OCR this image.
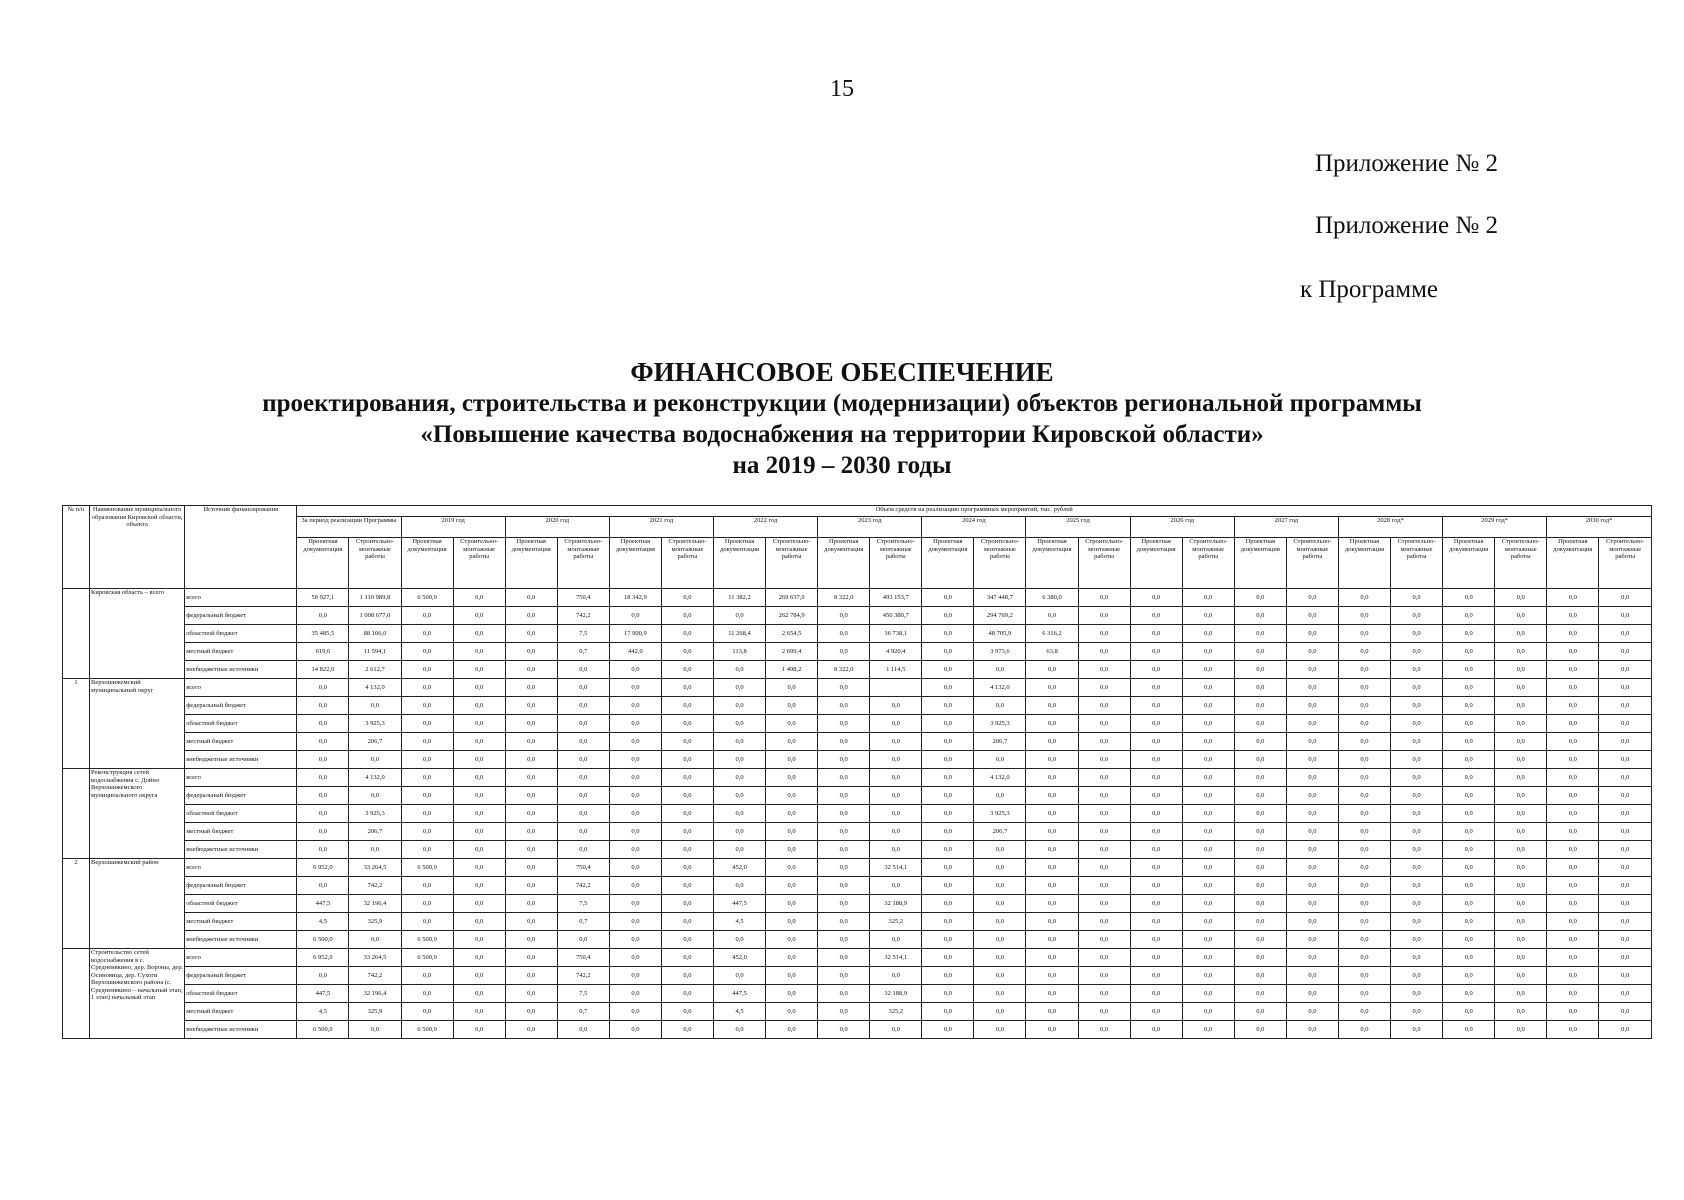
15
Приложение № 2
Приложение № 2
к Программе
ФИНАНСОВОЕ ОБЕСПЕЧЕНИЕ
проектирования, строительства и реконструкции (модернизации) объектов региональной программы
«Повышение качества водоснабжения на территории Кировской области»
на 2019 – 2030 годы
№ п/п	Наименование муниципального образования Кировской области, объекта	Источник финансирования	Объем средств на реализацию программных мероприятий, тыс. рублей																									
			За период реализации Программы		2019 год		2020 год		2021 год		2022 год		2023 год		2024 год		2025 год		2026 год		2027 год		2028 год*		2029 год*		2030 год*	
			Проектная документация	Строительно-монтажные работы	Проектная документация	Строительно-монтажные работы	Проектная документация	Строительно-монтажные работы	Проектная документация	Строительно-монтажные работы	Проектная документация	Строительно-монтажные работы	Проектная документация	Строительно-монтажные работы	Проектная документация	Строительно-монтажные работы	Проектная документация	Строительно-монтажные работы	Проектная документация	Строительно-монтажные работы	Проектная документация	Строительно-монтажные работы	Проектная документация	Строительно-монтажные работы	Проектная документация	Строительно-монтажные работы	Проектная документация	Строительно-монтажные работы
	Кировская область – всего	всего	50 927,1	1 110 989,8	6 500,0	0,0	0,0	750,4	18 342,9	0,0	11 382,2	269 637,0	8 322,0	493 153,7	0,0	347 448,7	6 380,0	0,0	0,0	0,0	0,0	0,0	0,0	0,0	0,0	0,0	0,0	0,0
		федеральный бюджет	0,0	1 008 677,0	0,0	0,0	0,0	742,2	0,0	0,0	0,0	262 784,9	0,0	450 380,7	0,0	294 769,2	0,0	0,0	0,0	0,0	0,0	0,0	0,0	0,0	0,0	0,0	0,0	0,0
		областной бюджет	35 485,5	88 106,0	0,0	0,0	0,0	7,5	17 900,9	0,0	11 268,4	2 654,5	0,0	36 738,1	0,0	48 705,9	6 316,2	0,0	0,0	0,0	0,0	0,0	0,0	0,0	0,0	0,0	0,0	0,0
		местный бюджет	619,6	11 594,1	0,0	0,0	0,0	0,7	442,0	0,0	113,8	2 699,4	0,0	4 920,4	0,0	3 973,6	63,8	0,0	0,0	0,0	0,0	0,0	0,0	0,0	0,0	0,0	0,0	0,0
		внебюджетные источники	14 822,0	2 612,7	0,0	0,0	0,0	0,0	0,0	0,0	0,0	1 498,2	8 322,0	1 114,5	0,0	0,0	0,0	0,0	0,0	0,0	0,0	0,0	0,0	0,0	0,0	0,0	0,0	0,0
1	Верхошижемский муниципальный округ	всего	0,0	4 132,0	0,0	0,0	0,0	0,0	0,0	0,0	0,0	0,0	0,0		0,0	4 132,0	0,0	0,0	0,0	0,0	0,0	0,0	0,0	0,0	0,0	0,0	0,0	0,0
		федеральный бюджет	0,0	0,0	0,0	0,0	0,0	0,0	0,0	0,0	0,0	0,0	0,0	0,0	0,0	0,0	0,0	0,0	0,0	0,0	0,0	0,0	0,0	0,0	0,0	0,0	0,0	0,0
		областной бюджет	0,0	3 925,3	0,0	0,0	0,0	0,0	0,0	0,0	0,0	0,0	0,0	0,0	0,0	3 925,3	0,0	0,0	0,0	0,0	0,0	0,0	0,0	0,0	0,0	0,0	0,0	0,0
		местный бюджет	0,0	206,7	0,0	0,0	0,0	0,0	0,0	0,0	0,0	0,0	0,0	0,0	0,0	206,7	0,0	0,0	0,0	0,0	0,0	0,0	0,0	0,0	0,0	0,0	0,0	0,0
		внебюджетные источники	0,0	0,0	0,0	0,0	0,0	0,0	0,0	0,0	0,0	0,0	0,0	0,0	0,0	0,0	0,0	0,0	0,0	0,0	0,0	0,0	0,0	0,0	0,0	0,0	0,0	0,0
	Реконструкция сетей водоснабжения с. Дойно Верхошижемского муниципального округа	всего	0,0	4 132,0	0,0	0,0	0,0	0,0	0,0	0,0	0,0	0,0	0,0	0,0	0,0	4 132,0	0,0	0,0	0,0	0,0	0,0	0,0	0,0	0,0	0,0	0,0	0,0	0,0
		федеральный бюджет	0,0	0,0	0,0	0,0	0,0	0,0	0,0	0,0	0,0	0,0	0,0	0,0	0,0	0,0	0,0	0,0	0,0	0,0	0,0	0,0	0,0	0,0	0,0	0,0	0,0	0,0
		областной бюджет	0,0	3 925,3	0,0	0,0	0,0	0,0	0,0	0,0	0,0	0,0	0,0	0,0	0,0	3 925,3	0,0	0,0	0,0	0,0	0,0	0,0	0,0	0,0	0,0	0,0	0,0	0,0
		местный бюджет	0,0	206,7	0,0	0,0	0,0	0,0	0,0	0,0	0,0	0,0	0,0	0,0	0,0	206,7	0,0	0,0	0,0	0,0	0,0	0,0	0,0	0,0	0,0	0,0	0,0	0,0
		внебюджетные источники	0,0	0,0	0,0	0,0	0,0	0,0	0,0	0,0	0,0	0,0	0,0	0,0	0,0	0,0	0,0	0,0	0,0	0,0	0,0	0,0	0,0	0,0	0,0	0,0	0,0	0,0
2	Верхошижемский район	всего	6 952,0	33 264,5	6 500,0	0,0	0,0	750,4	0,0	0,0	452,0	0,0	0,0	32 514,1	0,0	0,0	0,0	0,0	0,0	0,0	0,0	0,0	0,0	0,0	0,0	0,0	0,0	0,0
		федеральный бюджет	0,0	742,2	0,0	0,0	0,0	742,2	0,0	0,0	0,0	0,0	0,0	0,0	0,0	0,0	0,0	0,0	0,0	0,0	0,0	0,0	0,0	0,0	0,0	0,0	0,0	0,0
		областной бюджет	447,5	32 196,4	0,0	0,0	0,0	7,5	0,0	0,0	447,5	0,0	0,0	32 188,9	0,0	0,0	0,0	0,0	0,0	0,0	0,0	0,0	0,0	0,0	0,0	0,0	0,0	0,0
		местный бюджет	4,5	325,9	0,0	0,0	0,0	0,7	0,0	0,0	4,5	0,0	0,0	325,2	0,0	0,0	0,0	0,0	0,0	0,0	0,0	0,0	0,0	0,0	0,0	0,0	0,0	0,0
		внебюджетные источники	6 500,0	0,0	6 500,0	0,0	0,0	0,0	0,0	0,0	0,0	0,0	0,0	0,0	0,0	0,0	0,0	0,0	0,0	0,0	0,0	0,0	0,0	0,0	0,0	0,0	0,0	0,0
	Строительство сетей водоснабжения в с. Среднеивкино, дер. Вороны, дер. Осиновица, дер. Сухоги Верхошижемского района (с. Среднеивкино – начальный этап, 1 этап) начальный этап	всего	6 952,0	33 264,5	6 500,0	0,0	0,0	750,4	0,0	0,0	452,0	0,0	0,0	32 514,1	0,0	0,0	0,0	0,0	0,0	0,0	0,0	0,0	0,0	0,0	0,0	0,0	0,0	0,0
		федеральный бюджет	0,0	742,2	0,0	0,0	0,0	742,2	0,0	0,0	0,0	0,0	0,0	0,0	0,0	0,0	0,0	0,0	0,0	0,0	0,0	0,0	0,0	0,0	0,0	0,0	0,0	0,0
		областной бюджет	447,5	32 196,4	0,0	0,0	0,0	7,5	0,0	0,0	447,5	0,0	0,0	32 188,9	0,0	0,0	0,0	0,0	0,0	0,0	0,0	0,0	0,0	0,0	0,0	0,0	0,0	0,0
		местный бюджет	4,5	325,9	0,0	0,0	0,0	0,7	0,0	0,0	4,5	0,0	0,0	325,2	0,0	0,0	0,0	0,0	0,0	0,0	0,0	0,0	0,0	0,0	0,0	0,0	0,0	0,0
		внебюджетные источники	6 500,0	0,0	6 500,0	0,0	0,0	0,0	0,0	0,0	0,0	0,0	0,0	0,0	0,0	0,0	0,0	0,0	0,0	0,0	0,0	0,0	0,0	0,0	0,0	0,0	0,0	0,0
